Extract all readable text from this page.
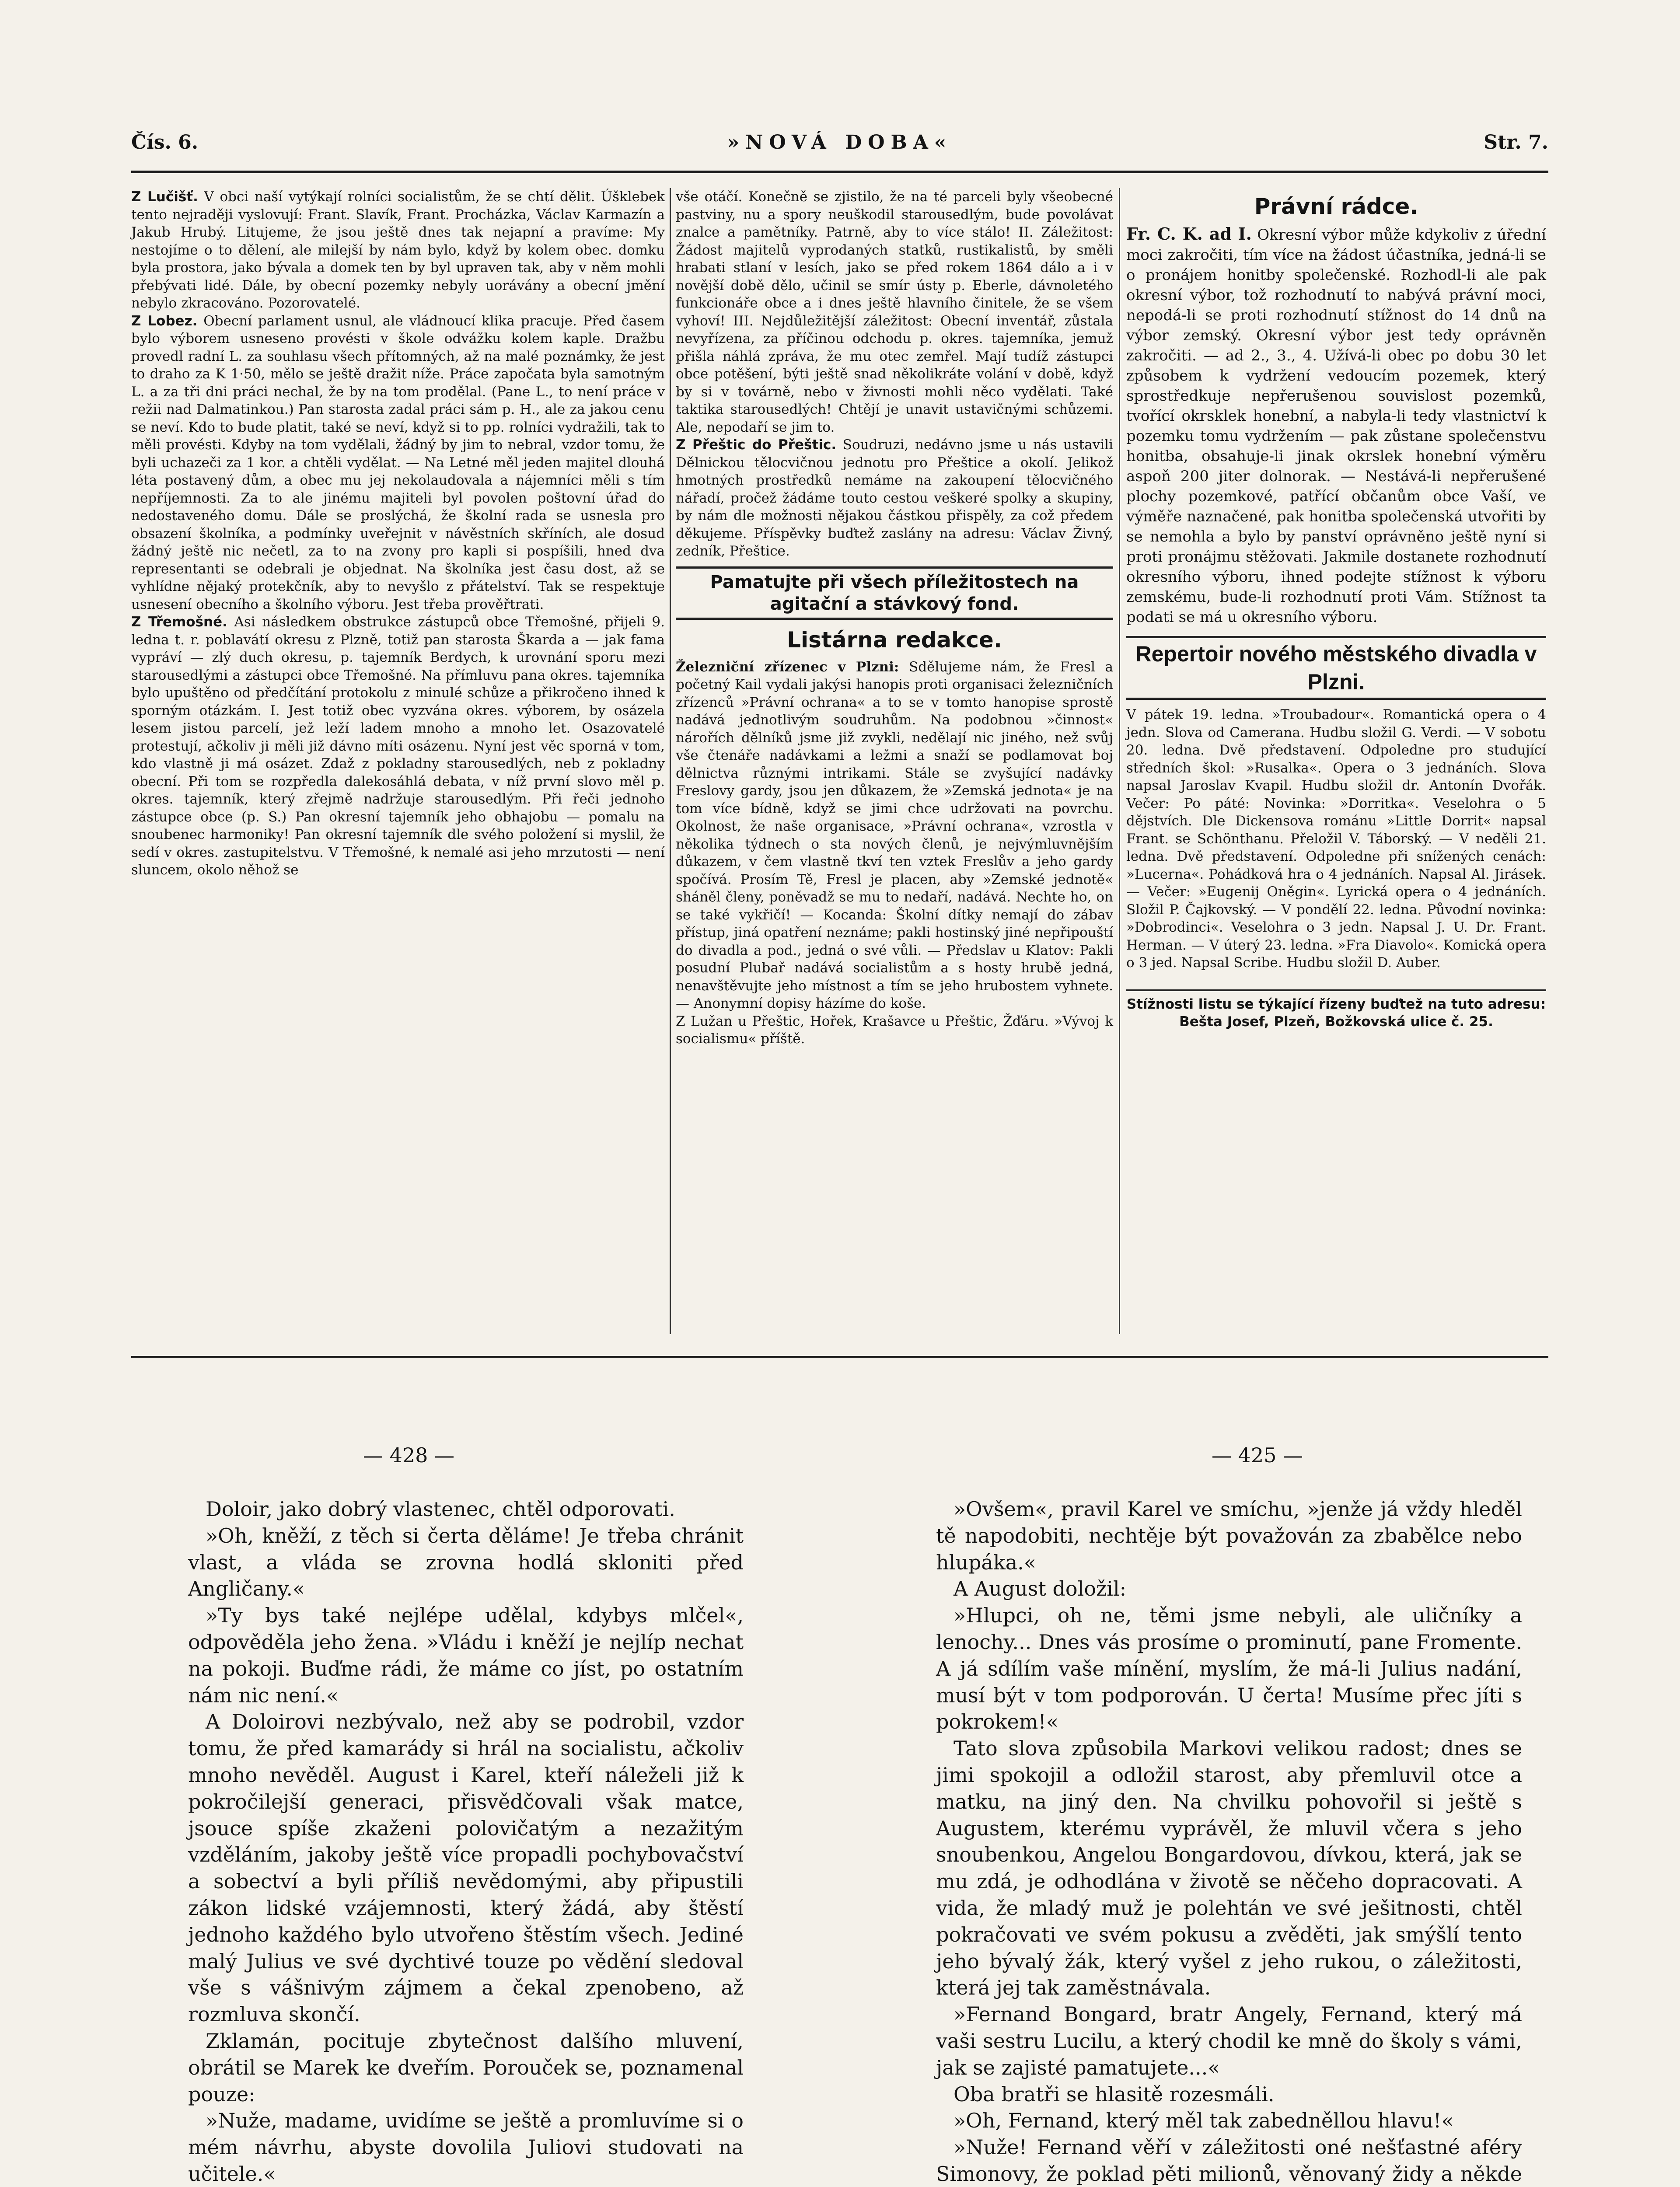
Čís. 6.	»NOVÁ DOBA«	Str. 7.

Z Lučišť. V obci naší vytýkají rolníci socialistům, že se chtí dělit. Úšklebek tento nejraději vyslovují: Frant. Slavík, Frant. Procházka, Václav Karmazín a Jakub Hrubý. Litujeme, že jsou ještě dnes tak nejapní a pravíme: My nestojíme o to dělení, ale milejší by nám bylo, když by kolem obec. domku byla prostora, jako bývala a domek ten by byl upraven tak, aby v něm mohli přebývati lidé. Dále, by obecní pozemky nebyly uorávány a obecní jmění nebylo zkracováno. Pozorovatelé.

Z Lobez. Obecní parlament usnul, ale vládnoucí klika pracuje. Před časem bylo výborem usneseno provésti v škole odvážku kolem kaple. Dražbu provedl radní L. za souhlasu všech přítomných, až na malé poznámky, že jest to draho za K 1·50, mělo se ještě dražit níže. Práce započata byla samotným L. a za tři dni práci nechal, že by na tom prodělal. (Pane L., to není práce v režii nad Dalmatinkou.) Pan starosta zadal práci sám p. H., ale za jakou cenu se neví. Kdo to bude platit, také se neví, když si to pp. rolníci vydražili, tak to měli provésti. Kdyby na tom vydělali, žádný by jim to nebral, vzdor tomu, že byli uchazeči za 1 kor. a chtěli vydělat. — Na Letné měl jeden majitel dlouhá léta postavený dům, a obec mu jej nekolaudovala a nájemníci měli s tím nepříjemnosti. Za to ale jinému majiteli byl povolen poštovní úřad do nedostaveného domu. Dále se proslýchá, že školní rada se usnesla pro obsazení školníka, a podmínky uveřejnit v návěstních skříních, ale dosud žádný ještě nic nečetl, za to na zvony pro kapli si pospíšili, hned dva representanti se odebrali je objednat. Na školníka jest času dost, až se vyhlídne nějaký protekčník, aby to nevyšlo z přátelství. Tak se respektuje usnesení obecního a školního výboru. Jest třeba prověřtrati.

Z Třemošné. Asi následkem obstrukce zástupců obce Třemošné, přijeli 9. ledna t. r. poblavátí okresu z Plzně, totiž pan starosta Škarda a — jak fama vypráví — zlý duch okresu, p. tajemník Berdych, k urovnání sporu mezi starousedlými a zástupci obce Třemošné. Na přímluvu pana okres. tajemníka bylo upuštěno od předčítání protokolu z minulé schůze a přikročeno ihned k sporným otázkám. I. Jest totiž obec vyzvána okres. výborem, by osázela lesem jistou parcelí, jež leží ladem mnoho a mnoho let. Osazovatelé protestují, ačkoliv ji měli již dávno míti osázenu. Nyní jest věc sporná v tom, kdo vlastně ji má osázet. Zdaž z pokladny starousedlých, neb z pokladny obecní. Při tom se rozpředla dalekosáhlá debata, v níž první slovo měl p. okres. tajemník, který zřejmě nadržuje starousedlým. Při řeči jednoho zástupce obce (p. S.) Pan okresní tajemník jeho obhajobu — pomalu na snoubenec harmoniky! Pan okresní tajemník dle svého položení si myslil, že sedí v okres. zastupitelstvu. V Třemošné, k nemalé asi jeho mrzutosti — není sluncem, okolo něhož se

vše otáčí. Konečně se zjistilo, že na té parceli byly všeobecné pastviny, nu a spory neuškodil starousedlým, bude povolávat znalce a pamětníky. Patrně, aby to více stálo! II. Záležitost: Žádost majitelů vyprodaných statků, rustikalistů, by směli hrabati stlaní v lesích, jako se před rokem 1864 dálo a i v novější době dělo, učinil se smír ústy p. Eberle, dávnoletého funkcionáře obce a i dnes ještě hlavního činitele, že se všem vyhoví! III. Nejdůležitější záležitost: Obecní inventář, zůstala nevyřízena, za příčinou odchodu p. okres. tajemníka, jemuž přišla náhlá zpráva, že mu otec zemřel. Mají tudíž zástupci obce potěšení, býti ještě snad několikráte volání v době, když by si v továrně, nebo v živnosti mohli něco vydělati. Také taktika starousedlých! Chtějí je unavit ustavičnými schůzemi. Ale, nepodaří se jim to.

Z Přeštic do Přeštic. Soudruzi, nedávno jsme u nás ustavili Dělnickou tělocvičnou jednotu pro Přeštice a okolí. Jelikož hmotných prostředků nemáme na zakoupení tělocvičného nářadí, pročež žádáme touto cestou veškeré spolky a skupiny, by nám dle možnosti nějakou částkou přispěly, za což předem děkujeme. Příspěvky buďtež zaslány na adresu: Václav Živný, zedník, Přeštice.

Pamatujte při všech příležitostech na agitační a stávkový fond.
Listárna redakce.

Železniční zřízenec v Plzni: Sdělujeme nám, že Fresl a početný Kail vydali jakýsi hanopis proti organisaci železničních zřízenců »Právní ochrana« a to se v tomto hanopise sprostě nadává jednotlivým soudruhům. Na podobnou »činnost« nárořích dělníků jsme již zvykli, nedělají nic jiného, než svůj vše čtenáře nadávkami a ležmi a snaží se podlamovat boj dělnictva různými intrikami. Stále se zvyšující nadávky Freslovy gardy, jsou jen důkazem, že »Zemská jednota« je na tom více bídně, když se jimi chce udržovati na povrchu. Okolnost, že naše organisace, »Právní ochrana«, vzrostla v několika týdnech o sta nových členů, je nejvýmluvnějším důkazem, v čem vlastně tkví ten vztek Freslův a jeho gardy spočívá. Prosím Tě, Fresl je placen, aby »Zemské jednotě« sháněl členy, poněvadž se mu to nedaří, nadává. Nechte ho, on se také vykřičí! — Kocanda: Školní dítky nemají do zábav přístup, jiná opatření neznáme; pakli hostinský jiné nepřipouští do divadla a pod., jedná o své vůli. — Předslav u Klatov: Pakli posudní Plubař nadává socialistům a s hosty hrubě jedná, nenavštěvujte jeho místnost a tím se jeho hrubostem vyhnete. — Anonymní dopisy házíme do koše.

Z Lužan u Přeštic, Hořek, Krašavce u Přeštic, Žďáru. »Vývoj k socialismu« příště.

Právní rádce.

Fr. C. K. ad I. Okresní výbor může kdykoliv z úřední moci zakročiti, tím více na žádost účastníka, jedná-li se o pronájem honitby společenské. Rozhodl-li ale pak okresní výbor, tož rozhodnutí to nabývá právní moci, nepodá-li se proti rozhodnutí stížnost do 14 dnů na výbor zemský. Okresní výbor jest tedy oprávněn zakročiti. — ad 2., 3., 4. Užívá-li obec po dobu 30 let způsobem k vydržení vedoucím pozemek, který sprostředkuje nepřerušenou souvislost pozemků, tvořící okrsklek honební, a nabyla-li tedy vlastnictví k pozemku tomu vydržením — pak zůstane společenstvu honitba, obsahuje-li jinak okrslek honební výměru aspoň 200 jiter dolnorak. — Nestává-li nepřerušené plochy pozemkové, patřící občanům obce Vaší, ve výměře naznačené, pak honitba společenská utvořiti by se nemohla a bylo by panství oprávněno ještě nyní si proti pronájmu stěžovati. Jakmile dostanete rozhodnutí okresního výboru, ihned podejte stížnost k výboru zemskému, bude-li rozhodnutí proti Vám. Stížnost ta podati se má u okresního výboru.

Repertoir nového městského divadla v Plzni.

V pátek 19. ledna. »Troubadour«. Romantická opera o 4 jedn. Slova od Camerana. Hudbu složil G. Verdi. — V sobotu 20. ledna. Dvě představení. Odpoledne pro studující středních škol: »Rusalka«. Opera o 3 jednáních. Slova napsal Jaroslav Kvapil. Hudbu složil dr. Antonín Dvořák. Večer: Po páté: Novinka: »Dorritka«. Veselohra o 5 dějstvích. Dle Dickensova románu »Little Dorrit« napsal Frant. se Schönthanu. Přeložil V. Táborský. — V neděli 21. ledna. Dvě představení. Odpoledne při snížených cenách: »Lucerna«. Pohádková hra o 4 jednáních. Napsal Al. Jirásek. — Večer: »Eugenij Oněgin«. Lyrická opera o 4 jednáních. Složil P. Čajkovský. — V pondělí 22. ledna. Původní novinka: »Dobrodinci«. Veselohra o 3 jedn. Napsal J. U. Dr. Frant. Herman. — V úterý 23. ledna. »Fra Diavolo«. Komická opera o 3 jed. Napsal Scribe. Hudbu složil D. Auber.

Stížnosti listu se týkající řízeny buďtež na tuto adresu: Bešta Josef, Plzeň, Božkovská ulice č. 25.
— 428 —	— 425 —

Doloir, jako dobrý vlastenec, chtěl odporovati.

»Oh, kněží, z těch si čerta děláme! Je třeba chránit vlast, a vláda se zrovna hodlá skloniti před Angličany.«

»Ty bys také nejlépe udělal, kdybys mlčel«, odpověděla jeho žena. »Vládu i kněží je nejlíp nechat na pokoji. Buďme rádi, že máme co jíst, po ostatním nám nic není.«

A Doloirovi nezbývalo, než aby se podrobil, vzdor tomu, že před kamarády si hrál na socialistu, ačkoliv mnoho nevěděl. August i Karel, kteří náleželi již k pokročilejší generaci, přisvědčovali však matce, jsouce spíše zkaženi polovičatým a nezažitým vzděláním, jakoby ještě více propadli pochybovačství a sobectví a byli příliš nevědomými, aby připustili zákon lidské vzájemnosti, který žádá, aby štěstí jednoho každého bylo utvořeno štěstím všech. Jediné malý Julius ve své dychtivé touze po vědění sledoval vše s vášnivým zájmem a čekal zpenobeno, až rozmluva skončí.

Zklamán, pocituje zbytečnost dalšího mluvení, obrátil se Marek ke dveřím. Porouček se, poznamenal pouze:

»Nuže, madame, uvidíme se ještě a promluvíme si o mém návrhu, abyste dovolila Juliovi studovati na učitele.«

»Ovšem«, pravil Karel ve smíchu, »jenže já vždy hleděl tě napodobiti, nechtěje být považován za zbabělce nebo hlupáka.«

A August doložil:

»Hlupci, oh ne, těmi jsme nebyli, ale uličníky a lenochy... Dnes vás prosíme o prominutí, pane Fromente. A já sdílím vaše mínění, myslím, že má-li Julius nadání, musí být v tom podporován. U čerta! Musíme přec jíti s pokrokem!«

Tato slova způsobila Markovi velikou radost; dnes se jimi spokojil a odložil starost, aby přemluvil otce a matku, na jiný den. Na chvilku pohovořil si ještě s Augustem, kterému vyprávěl, že mluvil včera s jeho snoubenkou, Angelou Bongardovou, dívkou, která, jak se mu zdá, je odhodlána v životě se něčeho dopracovati. A vida, že mladý muž je polehtán ve své ješitnosti, chtěl pokračovati ve svém pokusu a zvěděti, jak smýšlí tento jeho bývalý žák, který vyšel z jeho rukou, o záležitosti, která jej tak zaměstnávala.

»Fernand Bongard, bratr Angely, Fernand, který má vaši sestru Lucilu, a který chodil ke mně do školy s vámi, jak se zajisté pamatujete...«

Oba bratři se hlasitě rozesmáli.

»Oh, Fernand, který měl tak zabedněllou hlavu!«

»Nuže! Fernand věří v záležitosti oné nešťastné aféry Simonovy, že poklad pěti milionů, věnovaný židy a někde
